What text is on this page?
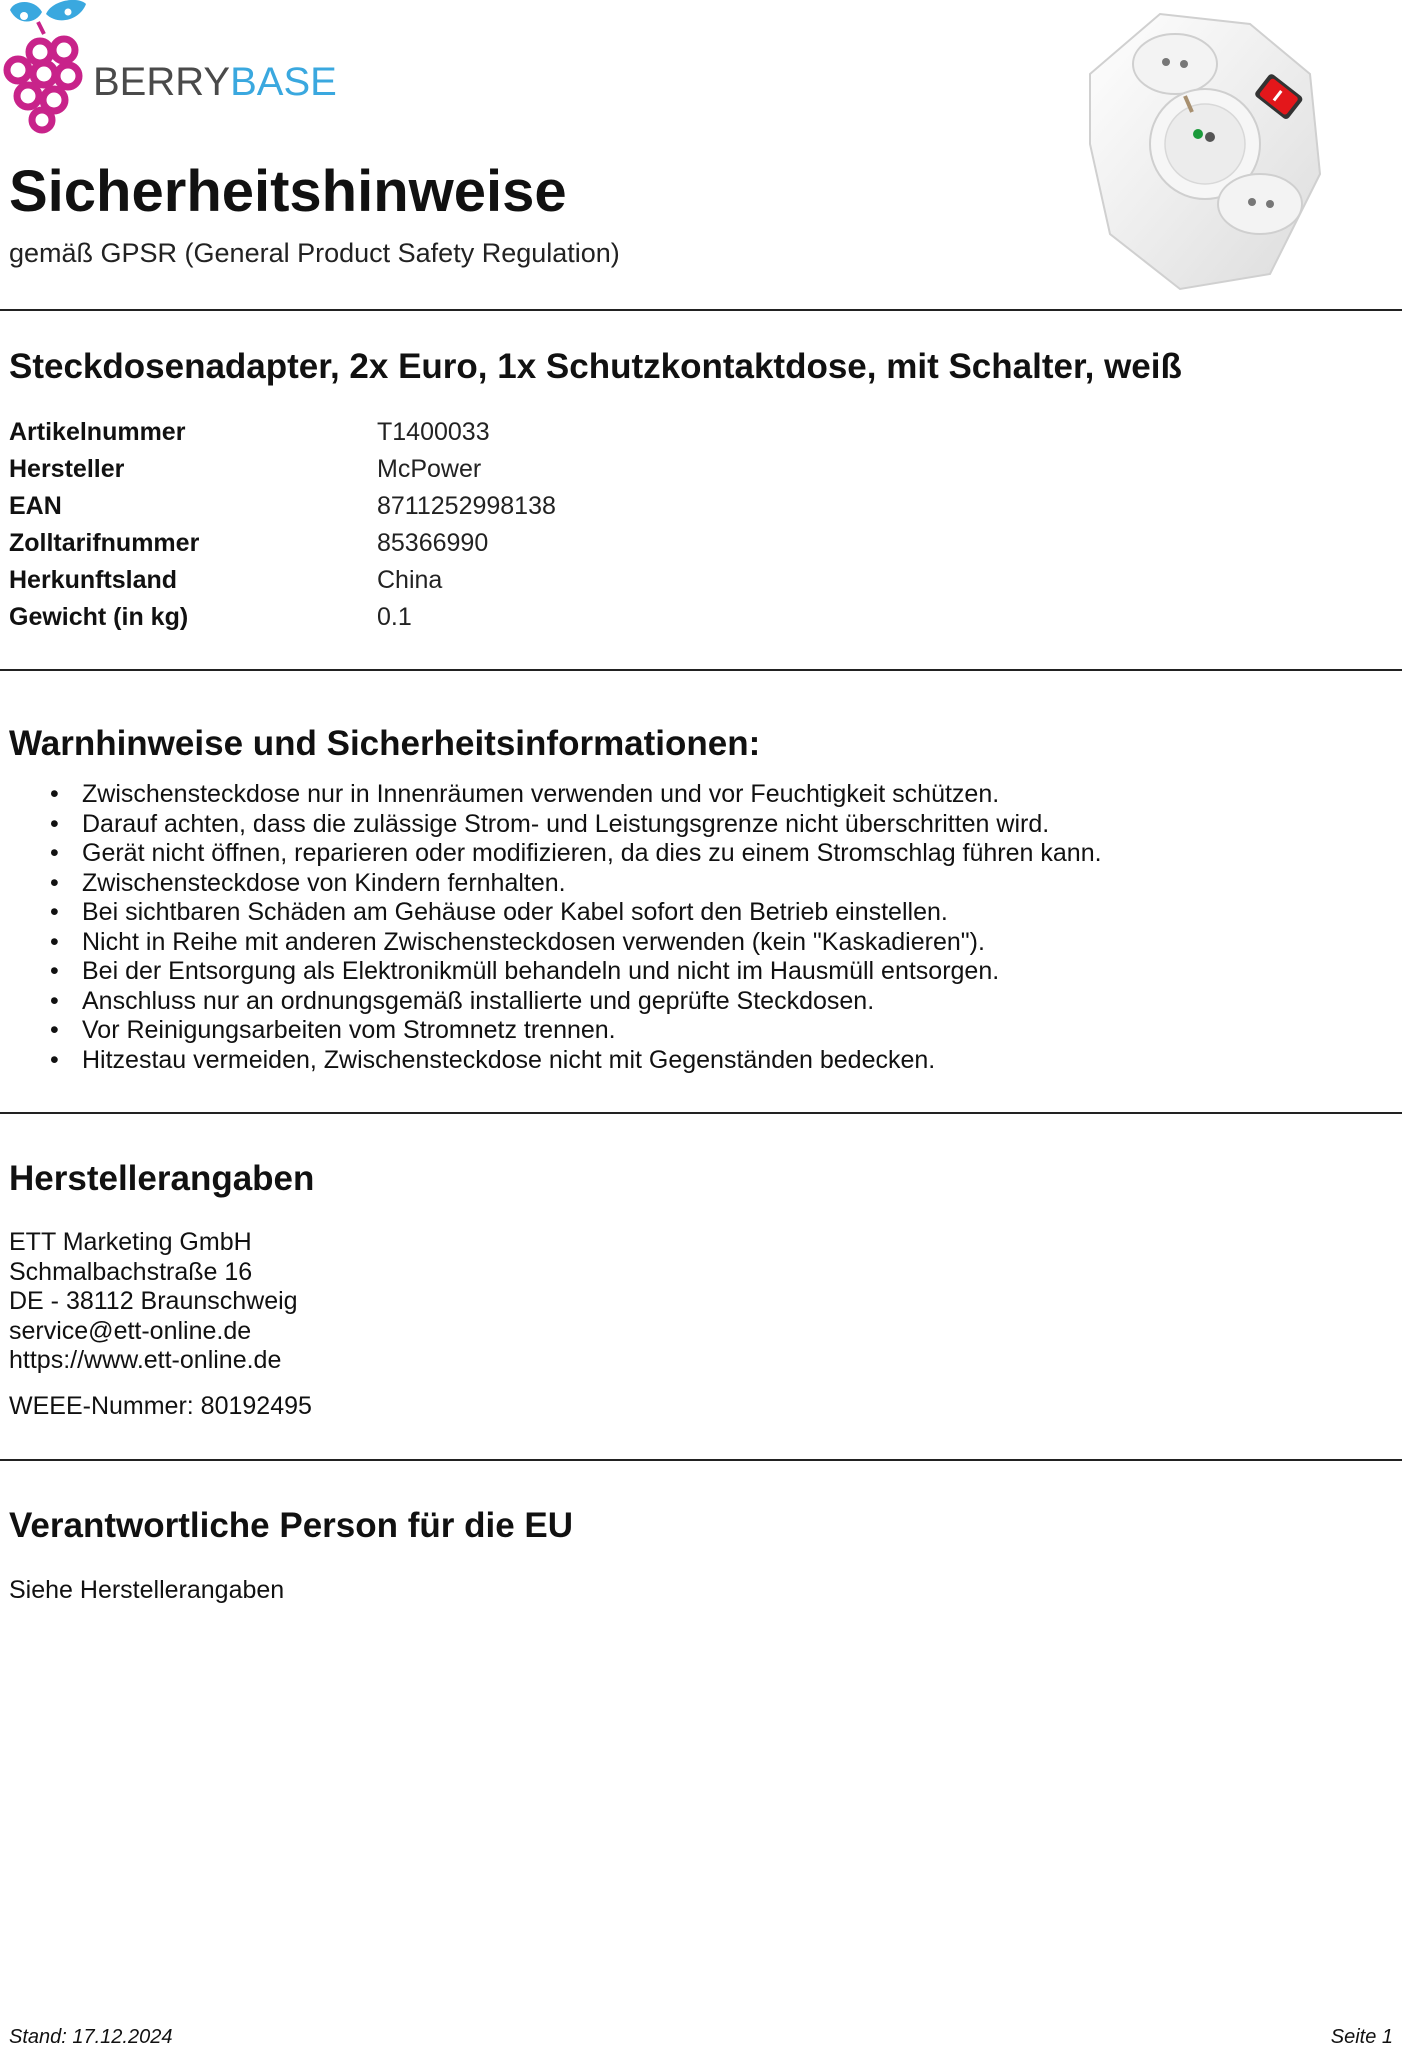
BERRYBASE
Sicherheitshinweise
gemäß GPSR (General Product Safety Regulation)
Steckdosenadapter, 2x Euro, 1x Schutzkontaktdose, mit Schalter, weiß
Artikelnummer	T1400033
Hersteller	McPower
EAN	8711252998138
Zolltarifnummer	85366990
Herkunftsland	China
Gewicht (in kg)	0.1
Warnhinweise und Sicherheitsinformationen:
• Zwischensteckdose nur in Innenräumen verwenden und vor Feuchtigkeit schützen.
• Darauf achten, dass die zulässige Strom- und Leistungsgrenze nicht überschritten wird.
• Gerät nicht öffnen, reparieren oder modifizieren, da dies zu einem Stromschlag führen kann.
• Zwischensteckdose von Kindern fernhalten.
• Bei sichtbaren Schäden am Gehäuse oder Kabel sofort den Betrieb einstellen.
• Nicht in Reihe mit anderen Zwischensteckdosen verwenden (kein "Kaskadieren").
• Bei der Entsorgung als Elektronikmüll behandeln und nicht im Hausmüll entsorgen.
• Anschluss nur an ordnungsgemäß installierte und geprüfte Steckdosen.
• Vor Reinigungsarbeiten vom Stromnetz trennen.
• Hitzestau vermeiden, Zwischensteckdose nicht mit Gegenständen bedecken.
Herstellerangaben
ETT Marketing GmbH
Schmalbachstraße 16
DE - 38112 Braunschweig
service@ett-online.de
https://www.ett-online.de
WEEE-Nummer: 80192495
Verantwortliche Person für die EU
Siehe Herstellerangaben
Stand: 17.12.2024	Seite 1
